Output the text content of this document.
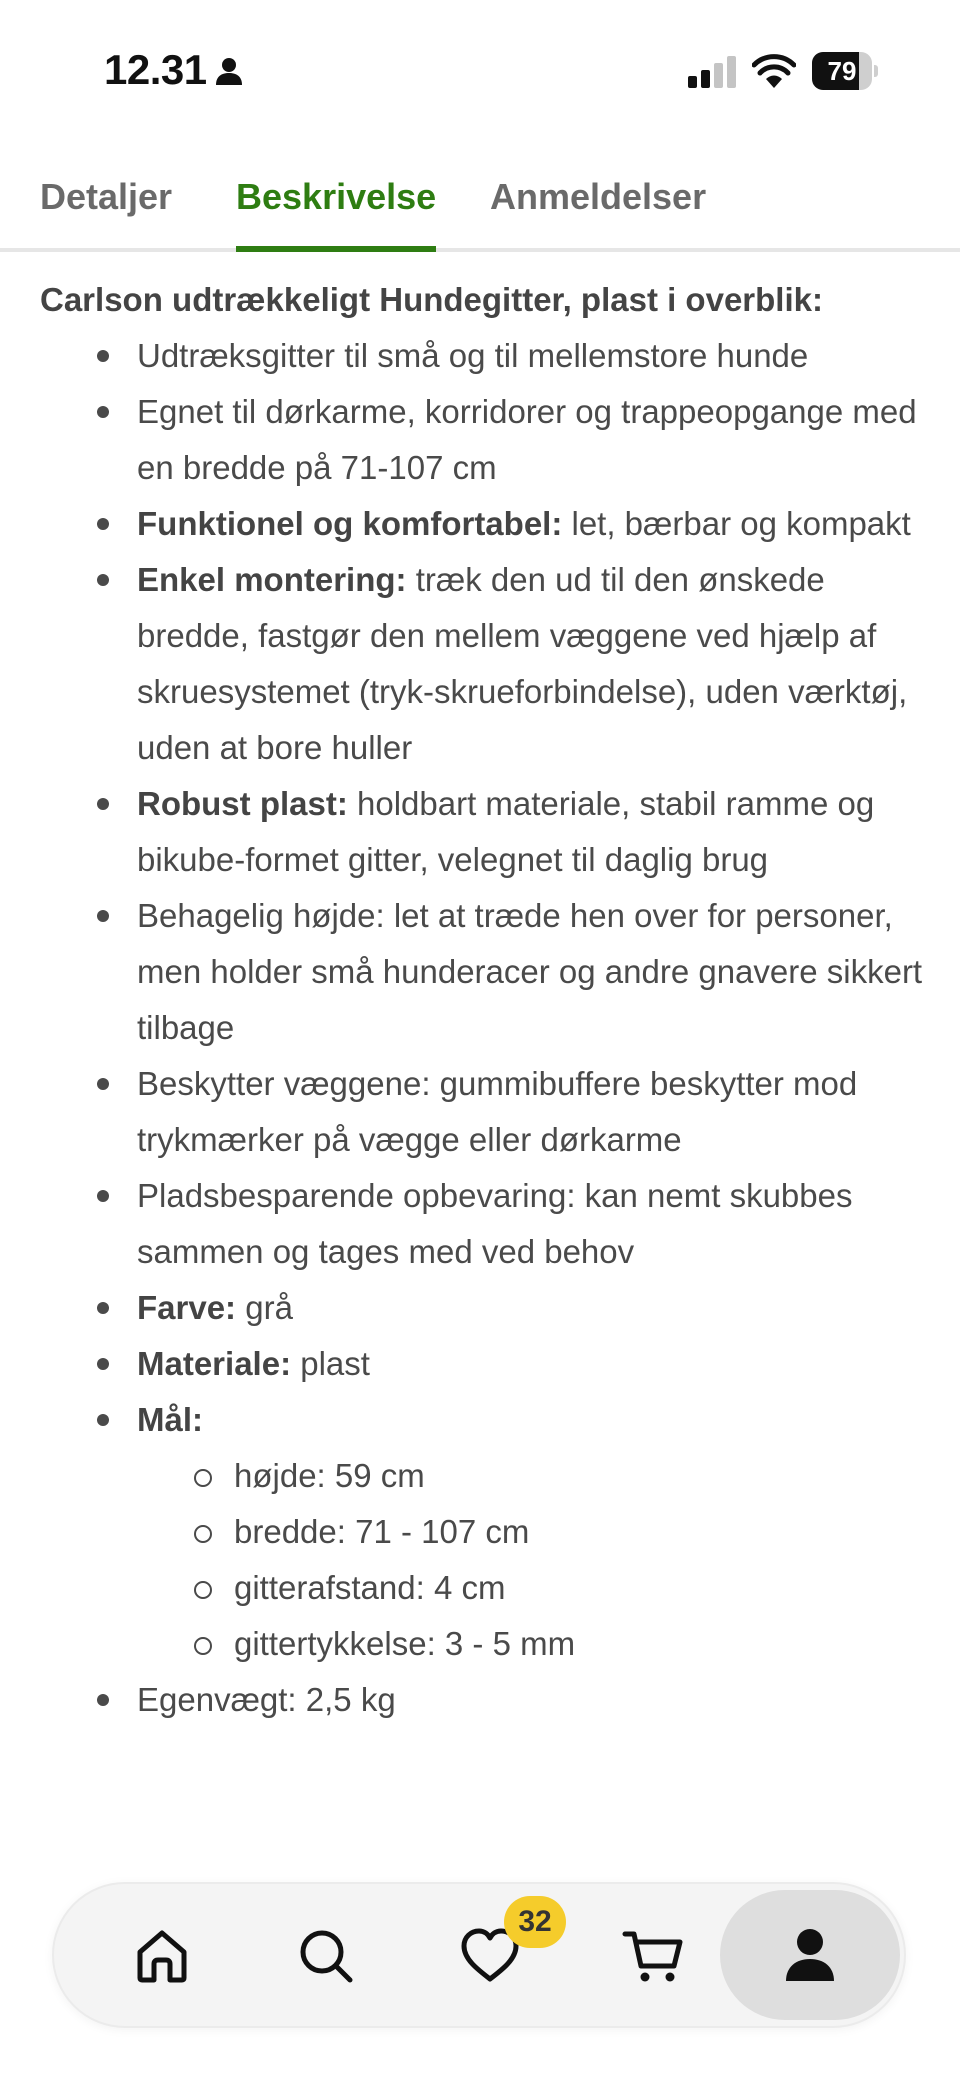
12.31	79
Detaljer Beskrivelse Anmeldelser
Carlson udtrækkeligt Hundegitter, plast i overblik:
Udtræksgitter til små og til mellemstore hunde
Egnet til dørkarme, korridorer og trappeopgange med en bredde på 71-107 cm
Funktionel og komfortabel: let, bærbar og kompakt
Enkel montering: træk den ud til den ønskede bredde, fastgør den mellem væggene ved hjælp af skruesystemet (tryk-skrueforbindelse), uden værktøj, uden at bore huller
Robust plast: holdbart materiale, stabil ramme og bikube-formet gitter, velegnet til daglig brug
Behagelig højde: let at træde hen over for personer, men holder små hunderacer og andre gnavere sikkert tilbage
Beskytter væggene: gummibuffere beskytter mod trykmærker på vægge eller dørkarme
Pladsbesparende opbevaring: kan nemt skubbes sammen og tages med ved behov
Farve: grå
Materiale: plast
Mål:
højde: 59 cm
bredde: 71 - 107 cm
gitterafstand: 4 cm
gittertykkelse: 3 - 5 mm
Egenvægt: 2,5 kg
32
